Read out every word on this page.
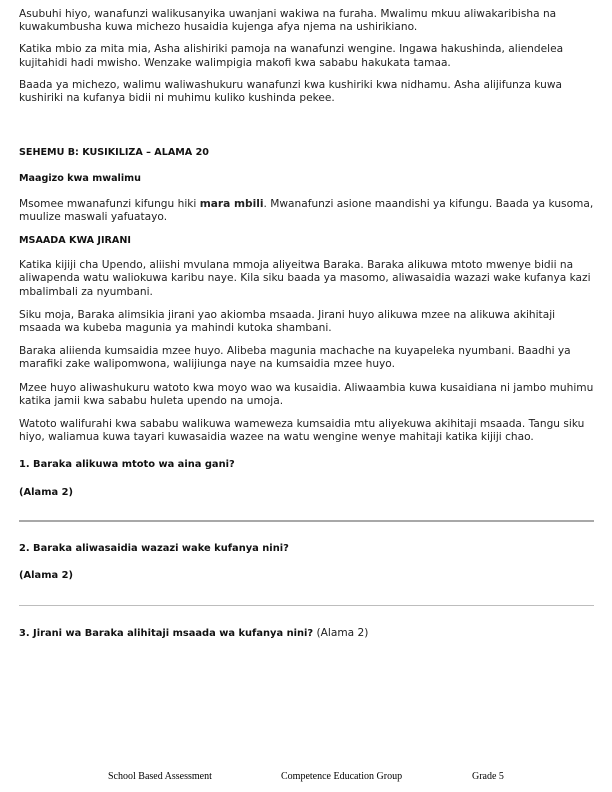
Asubuhi hiyo, wanafunzi walikusanyika uwanjani wakiwa na furaha. Mwalimu mkuu aliwakaribisha na kuwakumbusha kuwa michezo husaidia kujenga afya njema na ushirikiano.

Katika mbio za mita mia, Asha alishiriki pamoja na wanafunzi wengine. Ingawa hakushinda, aliendelea kujitahidi hadi mwisho. Wenzake walimpigia makofi kwa sababu hakukata tamaa.

Baada ya michezo, walimu waliwashukuru wanafunzi kwa kushiriki kwa nidhamu. Asha alijifunza kuwa kushiriki na kufanya bidii ni muhimu kuliko kushinda pekee.

SEHEMU B: KUSIKILIZA – ALAMA 20

Maagizo kwa mwalimu

Msomee mwanafunzi kifungu hiki mara mbili. Mwanafunzi asione maandishi ya kifungu. Baada ya kusoma, muulize maswali yafuatayo.

MSAADA KWA JIRANI

Katika kijiji cha Upendo, aliishi mvulana mmoja aliyeitwa Baraka. Baraka alikuwa mtoto mwenye bidii na aliwapenda watu waliokuwa karibu naye. Kila siku baada ya masomo, aliwasaidia wazazi wake kufanya kazi mbalimbali za nyumbani.

Siku moja, Baraka alimsikia jirani yao akiomba msaada. Jirani huyo alikuwa mzee na alikuwa akihitaji msaada wa kubeba magunia ya mahindi kutoka shambani.

Baraka aliienda kumsaidia mzee huyo. Alibeba magunia machache na kuyapeleka nyumbani. Baadhi ya marafiki zake walipomwona, walijiunga naye na kumsaidia mzee huyo.

Mzee huyo aliwashukuru watoto kwa moyo wao wa kusaidia. Aliwaambia kuwa kusaidiana ni jambo muhimu katika jamii kwa sababu huleta upendo na umoja.

Watoto walifurahi kwa sababu walikuwa wamewezа kumsaidia mtu aliyekuwa akihitaji msaada. Tangu siku hiyo, waliamua kuwa tayari kuwasaidia wazee na watu wengine wenye mahitaji katika kijiji chao.

1. Baraka alikuwa mtoto wa aina gani?

(Alama 2)

2. Baraka aliwasaidia wazazi wake kufanya nini?

(Alama 2)

3. Jirani wa Baraka alihitaji msaada wa kufanya nini? (Alama 2)

School Based Assessment	Competence Education Group	Grade 5
